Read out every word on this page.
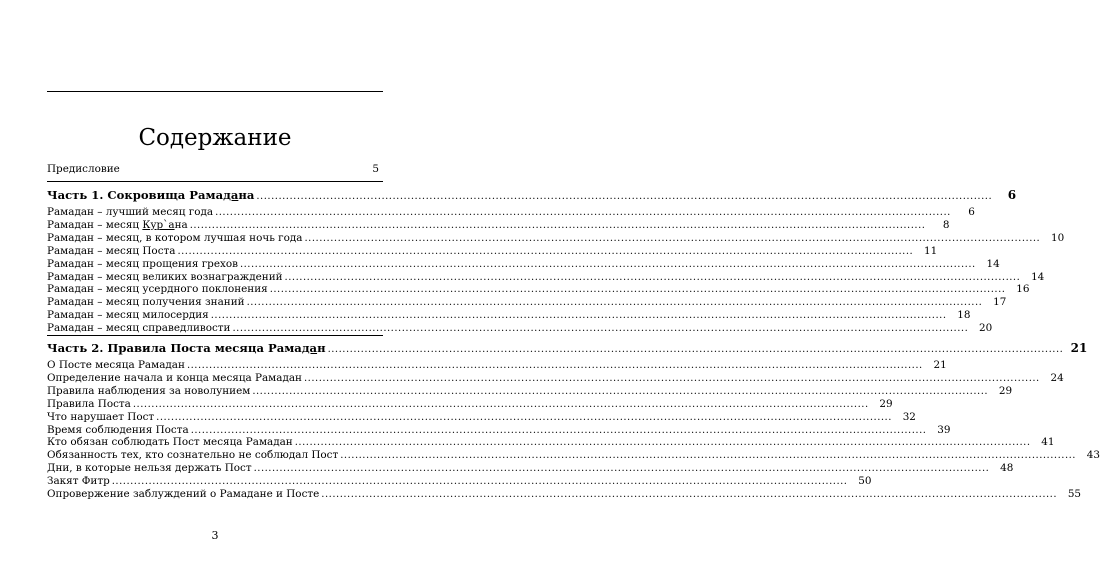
Содержание
Предисловие	5
Часть 1. Сокровища Рамадана ........................................................................................................................................................................................................	6
Рамадан – лучший месяц года ........................................................................................................................................................................................................	6
Рамадан – месяц Кур`ана ........................................................................................................................................................................................................	8
Рамадан – месяц, в котором лучшая ночь года ........................................................................................................................................................................................................	10
Рамадан – месяц Поста ........................................................................................................................................................................................................	11
Рамадан – месяц прощения грехов ........................................................................................................................................................................................................	14
Рамадан – месяц великих вознаграждений ........................................................................................................................................................................................................	14
Рамадан – месяц усердного поклонения ........................................................................................................................................................................................................	16
Рамадан – месяц получения знаний ........................................................................................................................................................................................................	17
Рамадан – месяц милосердия ........................................................................................................................................................................................................	18
Рамадан – месяц справедливости ........................................................................................................................................................................................................	20
Часть 2. Правила Поста месяца Рамадан ........................................................................................................................................................................................................ 21
О Посте месяца Рамадан ........................................................................................................................................................................................................	21
Определение начала и конца месяца Рамадан ........................................................................................................................................................................................................	24
Правила наблюдения за новолунием ........................................................................................................................................................................................................	29
Правила Поста ........................................................................................................................................................................................................	29
Что нарушает Пост ........................................................................................................................................................................................................	32
Время соблюдения Поста ........................................................................................................................................................................................................	39
Кто обязан соблюдать Пост месяца Рамадан ........................................................................................................................................................................................................	41
Обязанность тех, кто сознательно не соблюдал Пост ........................................................................................................................................................................................................	43
Дни, в которые нельзя держать Пост ........................................................................................................................................................................................................	48
Закят Фитр ........................................................................................................................................................................................................	50
Опровержение заблуждений о Рамадане и Посте ........................................................................................................................................................................................................	55
3
